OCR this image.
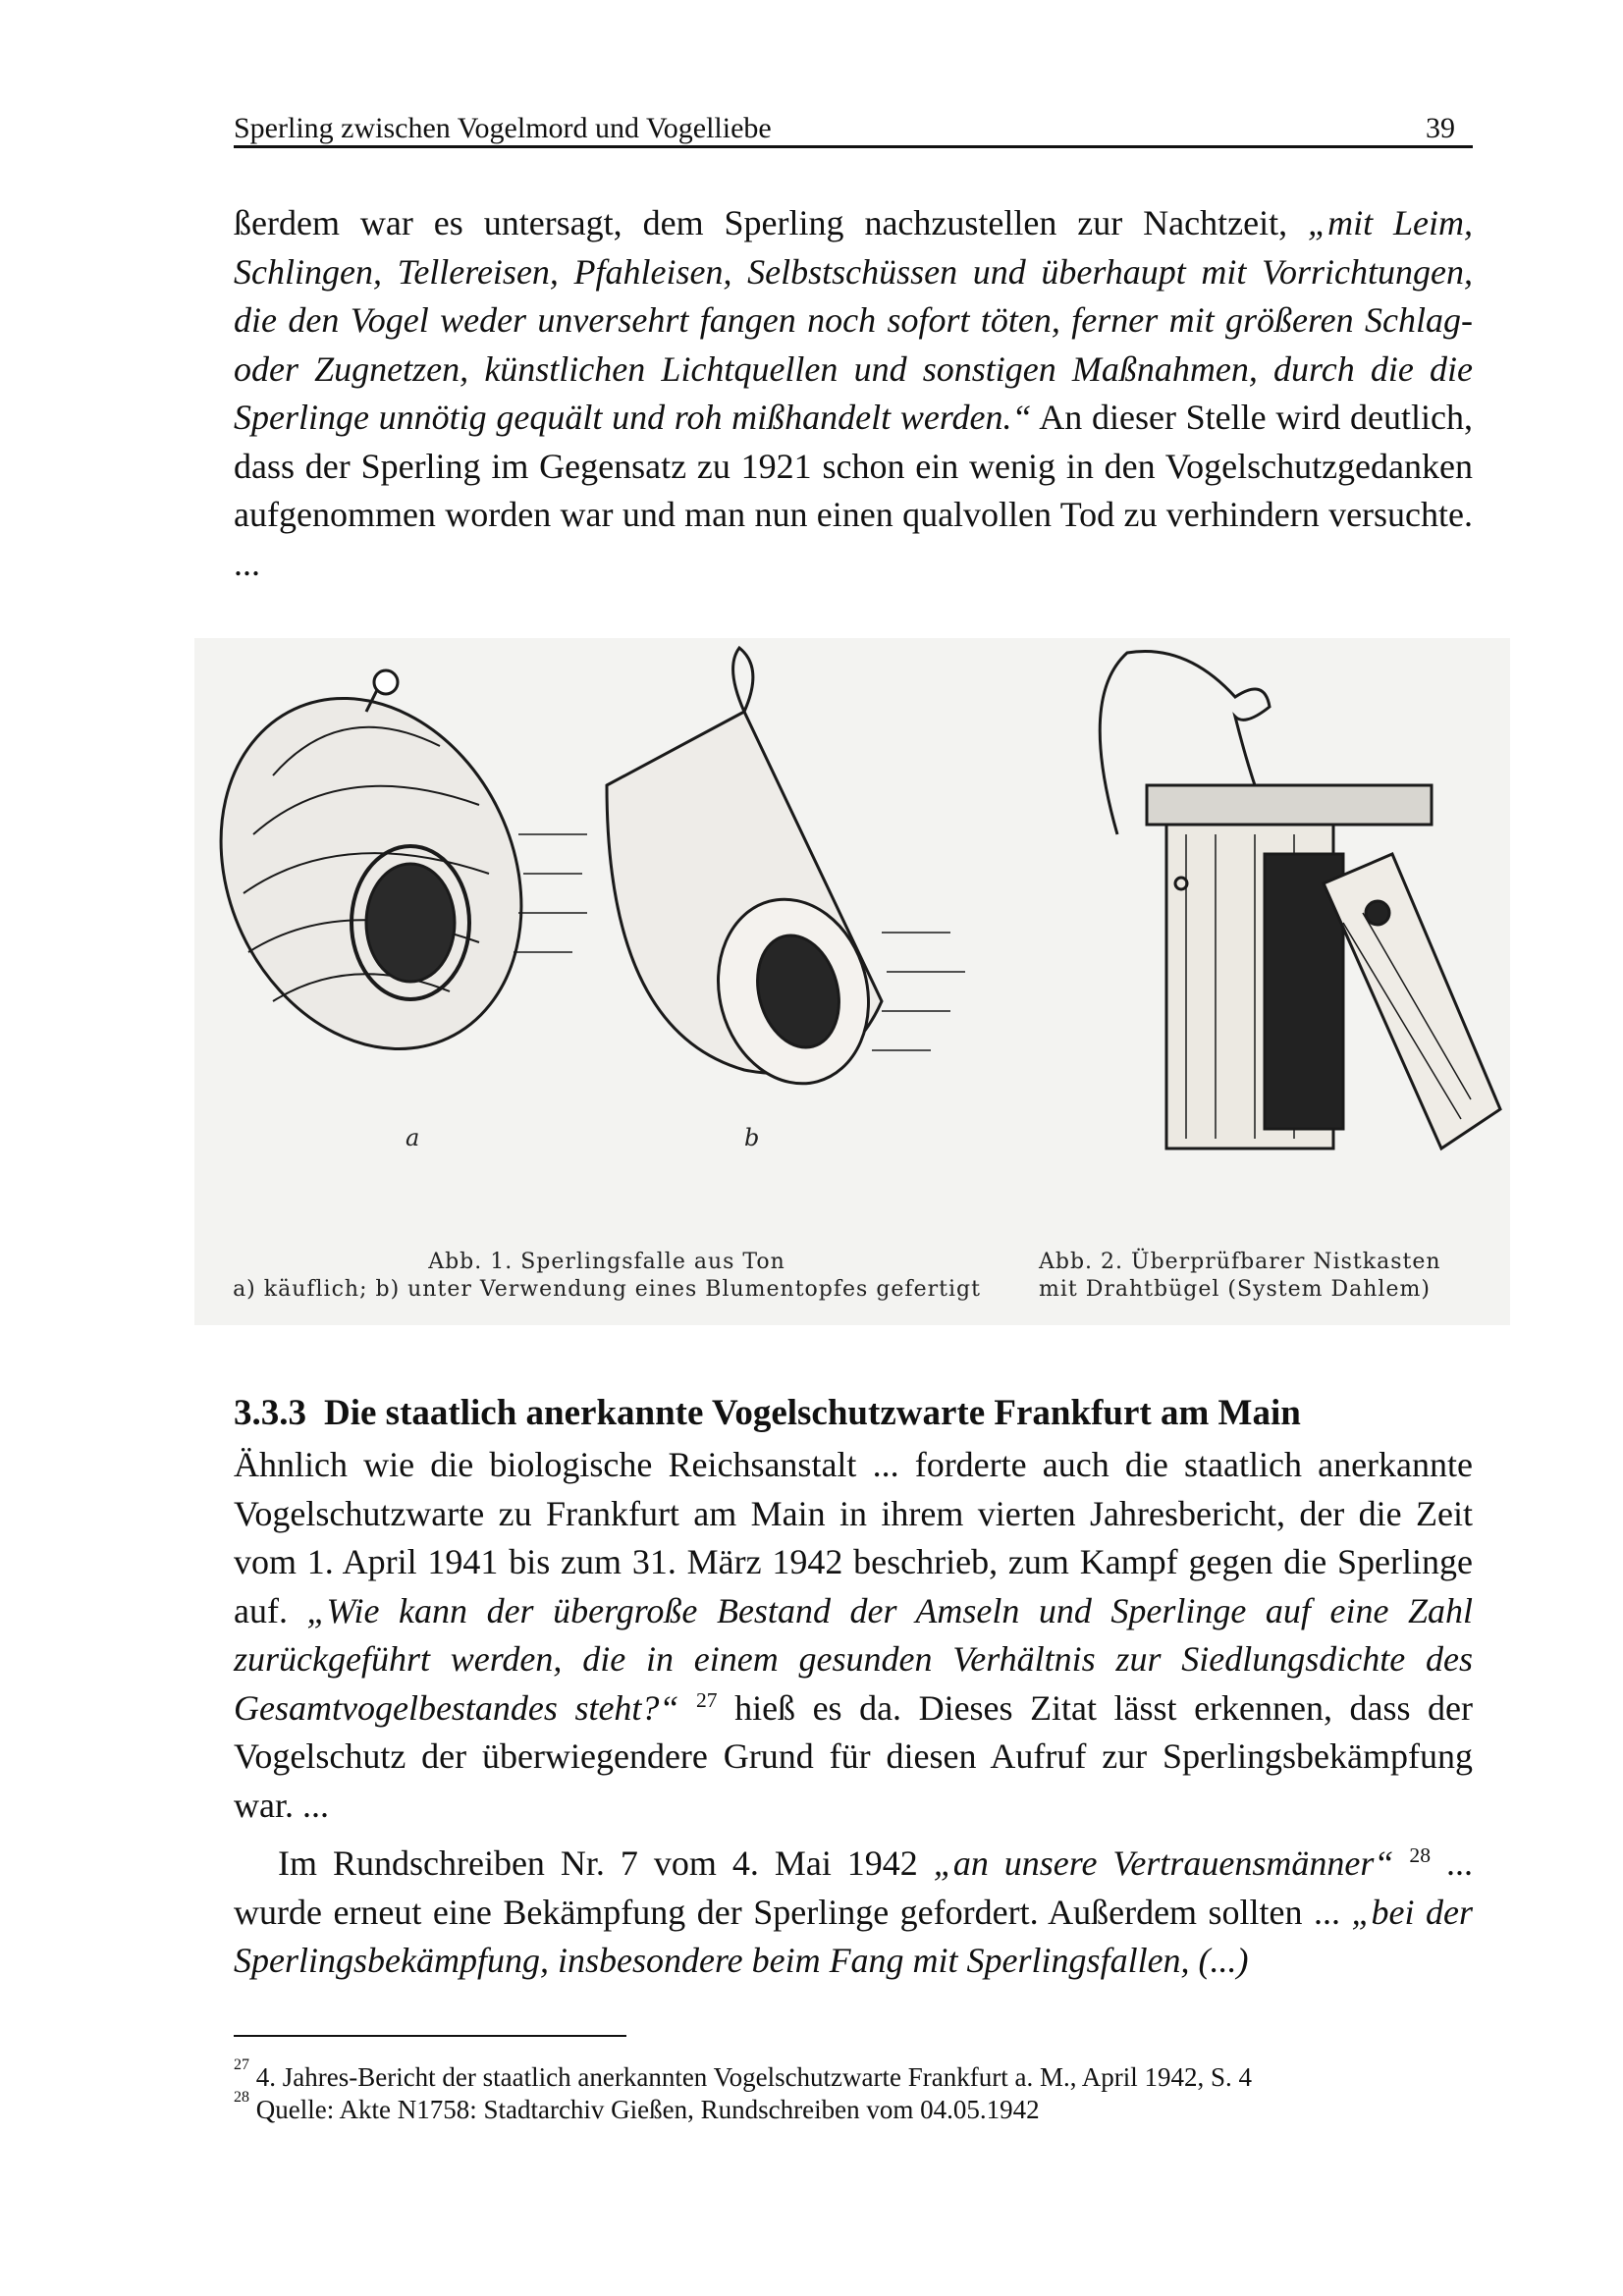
Sperling zwischen Vogelmord und Vogelliebe	39

ßerdem war es untersagt, dem Sperling nachzustellen zur Nachtzeit, „mit Leim, Schlingen, Tellereisen, Pfahleisen, Selbstschüssen und überhaupt mit Vorrichtungen, die den Vogel weder unversehrt fangen noch sofort töten, ferner mit größeren Schlag- oder Zugnetzen, künstlichen Lichtquellen und sonstigen Maßnahmen, durch die die Sperlinge unnötig gequält und roh mißhandelt werden.“ An dieser Stelle wird deutlich, dass der Sperling im Gegensatz zu 1921 schon ein wenig in den Vogelschutzgedanken aufgenommen worden war und man nun einen qualvollen Tod zu verhindern versuchte. ...

a	b
Abb. 1. Sperlingsfalle aus Ton
a) käuflich; b) unter Verwendung eines Blumentopfes gefertigt
Abb. 2. Überprüfbarer Nistkasten
mit Drahtbügel (System Dahlem)
3.3.3 Die staatlich anerkannte Vogelschutzwarte Frankfurt am Main

Ähnlich wie die biologische Reichsanstalt ... forderte auch die staatlich anerkannte Vogelschutzwarte zu Frankfurt am Main in ihrem vierten Jahresbericht, der die Zeit vom 1. April 1941 bis zum 31. März 1942 beschrieb, zum Kampf gegen die Sperlinge auf. „Wie kann der übergroße Bestand der Amseln und Sperlinge auf eine Zahl zurückgeführt werden, die in einem gesunden Verhältnis zur Siedlungsdichte des Gesamtvogelbestandes steht?“ $^{27}$ hieß es da. Dieses Zitat lässt erkennen, dass der Vogelschutz der überwiegendere Grund für diesen Aufruf zur Sperlingsbekämpfung war. ...

Im Rundschreiben Nr. 7 vom 4. Mai 1942 „an unsere Vertrauensmänner“ $^{28}$ ... wurde erneut eine Bekämpfung der Sperlinge gefordert. Außerdem sollten ... „bei der Sperlingsbekämpfung, insbesondere beim Fang mit Sperlingsfallen, (...)

$^{27}$ 4. Jahres-Bericht der staatlich anerkannten Vogelschutzwarte Frankfurt a. M., April 1942, S. 4
$^{28}$ Quelle: Akte N1758: Stadtarchiv Gießen, Rundschreiben vom 04.05.1942
